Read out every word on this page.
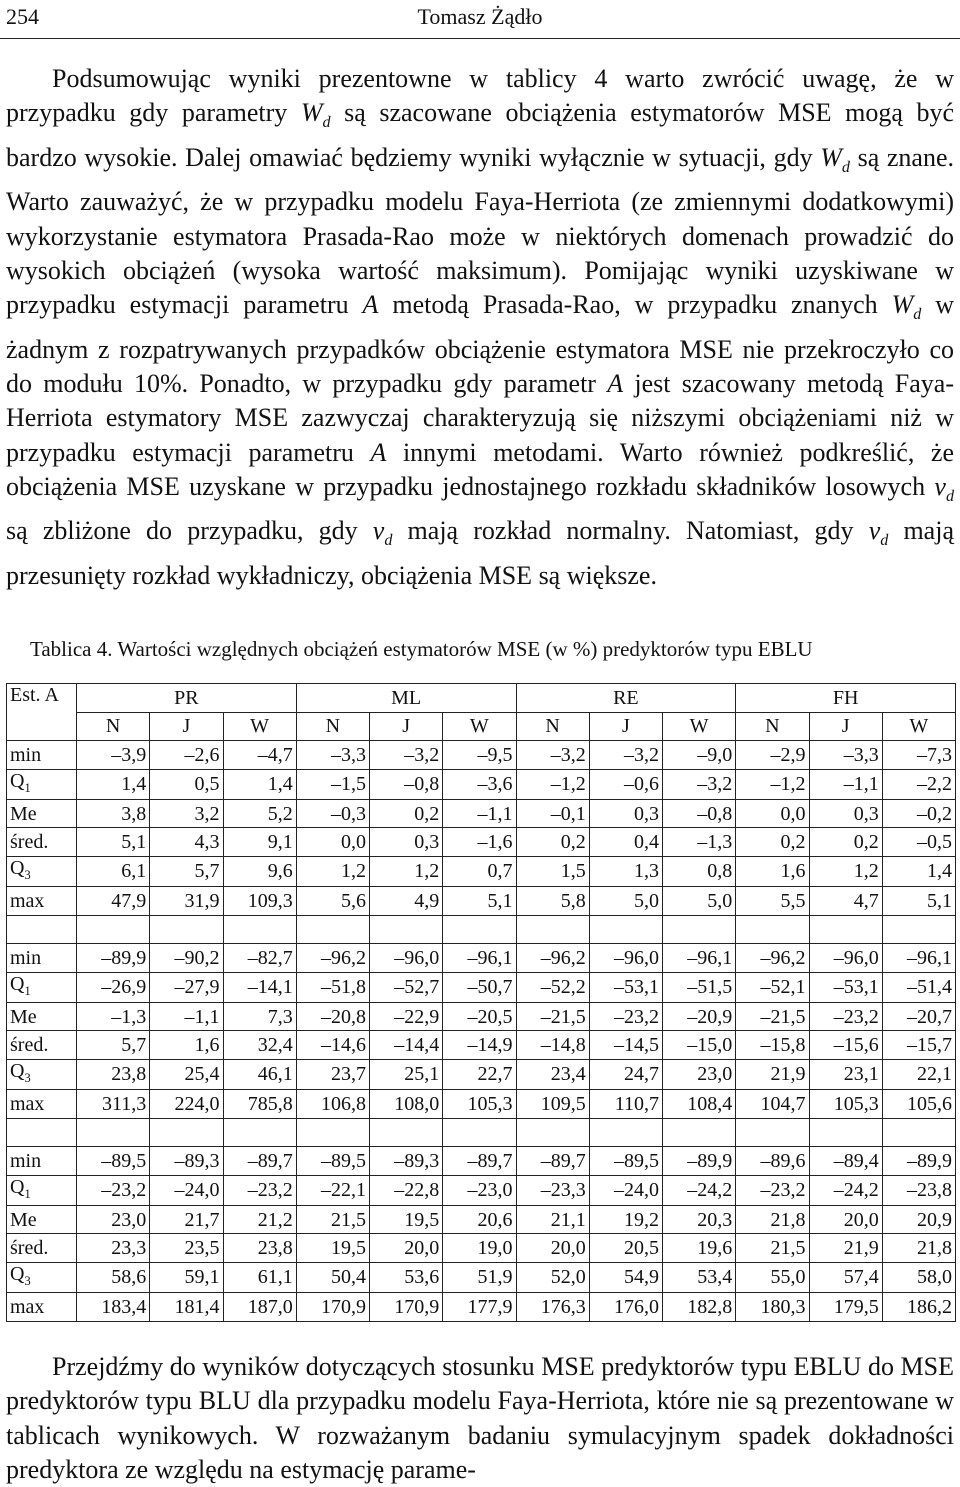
254	Tomasz Żądło

Podsumowując wyniki prezentowne w tablicy 4 warto zwrócić uwagę, że w przypadku gdy parametry $W_d$ są szacowane obciążenia estymatorów MSE mogą być bardzo wysokie. Dalej omawiać będziemy wyniki wyłącznie w sytuacji, gdy $W_d$ są znane. Warto zauważyć, że w przypadku modelu Faya-Herriota (ze zmiennymi dodatkowymi) wykorzystanie estymatora Prasada-Rao może w niektórych domenach prowadzić do wysokich obciążeń (wysoka wartość maksimum). Pomijając wyniki uzyskiwane w przypadku estymacji parametru A metodą Prasada-Rao, w przypadku znanych $W_d$ w żadnym z rozpatrywanych przypadków obciążenie estymatora MSE nie przekroczyło co do modułu 10%. Ponadto, w przypadku gdy parametr A jest szacowany metodą Faya-Herriota estymatory MSE zazwyczaj charakteryzują się niższymi obciążeniami niż w przypadku estymacji parametru A innymi metodami. Warto również podkreślić, że obciążenia MSE uzyskane w przypadku jednostajnego rozkładu składników losowych $v_d$ są zbliżone do przypadku, gdy $v_d$ mają rozkład normalny. Natomiast, gdy $v_d$ mają przesunięty rozkład wykładniczy, obciążenia MSE są większe.

Tablica 4. Wartości względnych obciążeń estymatorów MSE (w %) predyktorów typu EBLU
Est. A	PR			ML			RE			FH		
	N	J	W	N	J	W	N	J	W	N	J	W
min	–3,9	–2,6	–4,7	–3,3	–3,2	–9,5	–3,2	–3,2	–9,0	–2,9	–3,3	–7,3
$Q_1$	1,4	0,5	1,4	–1,5	–0,8	–3,6	–1,2	–0,6	–3,2	–1,2	–1,1	–2,2
Me	3,8	3,2	5,2	–0,3	0,2	–1,1	–0,1	0,3	–0,8	0,0	0,3	–0,2
śred.	5,1	4,3	9,1	0,0	0,3	–1,6	0,2	0,4	–1,3	0,2	0,2	–0,5
$Q_3$	6,1	5,7	9,6	1,2	1,2	0,7	1,5	1,3	0,8	1,6	1,2	1,4
max	47,9	31,9	109,3	5,6	4,9	5,1	5,8	5,0	5,0	5,5	4,7	5,1

min	–89,9	–90,2	–82,7	–96,2	–96,0	–96,1	–96,2	–96,0	–96,1	–96,2	–96,0	–96,1
$Q_1$	–26,9	–27,9	–14,1	–51,8	–52,7	–50,7	–52,2	–53,1	–51,5	–52,1	–53,1	–51,4
Me	–1,3	–1,1	7,3	–20,8	–22,9	–20,5	–21,5	–23,2	–20,9	–21,5	–23,2	–20,7
śred.	5,7	1,6	32,4	–14,6	–14,4	–14,9	–14,8	–14,5	–15,0	–15,8	–15,6	–15,7
$Q_3$	23,8	25,4	46,1	23,7	25,1	22,7	23,4	24,7	23,0	21,9	23,1	22,1
max	311,3	224,0	785,8	106,8	108,0	105,3	109,5	110,7	108,4	104,7	105,3	105,6

min	–89,5	–89,3	–89,7	–89,5	–89,3	–89,7	–89,7	–89,5	–89,9	–89,6	–89,4	–89,9
$Q_1$	–23,2	–24,0	–23,2	–22,1	–22,8	–23,0	–23,3	–24,0	–24,2	–23,2	–24,2	–23,8
Me	23,0	21,7	21,2	21,5	19,5	20,6	21,1	19,2	20,3	21,8	20,0	20,9
śred.	23,3	23,5	23,8	19,5	20,0	19,0	20,0	20,5	19,6	21,5	21,9	21,8
$Q_3$	58,6	59,1	61,1	50,4	53,6	51,9	52,0	54,9	53,4	55,0	57,4	58,0
max	183,4	181,4	187,0	170,9	170,9	177,9	176,3	176,0	182,8	180,3	179,5	186,2

Przejdźmy do wyników dotyczących stosunku MSE predyktorów typu EBLU do MSE predyktorów typu BLU dla przypadku modelu Faya-Herriota, które nie są prezentowane w tablicach wynikowych. W rozważanym badaniu symulacyjnym spadek dokładności predyktora ze względu na estymację parame-
